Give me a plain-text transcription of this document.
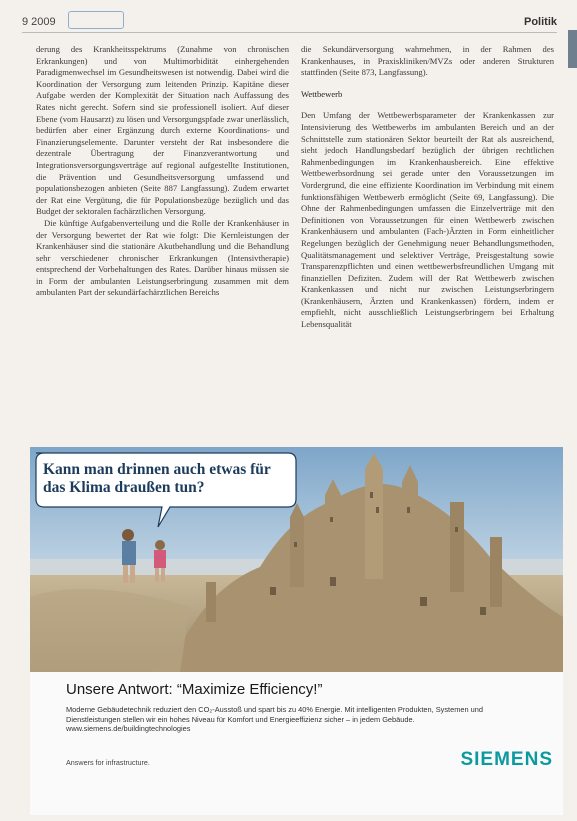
9 2009	Politik

derung des Krankheitsspektrums (Zunahme von chronischen Erkrankungen) und von Multimorbidität einhergehenden Paradigmenwechsel im Gesundheitswesen ist notwendig. Dabei wird die Koordination der Versorgung zum leitenden Prinzip. Kapitäne dieser Aufgabe werden der Komplexität der Situation nach Auffassung des Rates nicht gerecht. Sofern sind sie professionell isoliert. Auf dieser Ebene (vom Hausarzt) zu lösen und Versorgungspfade zwar unerlässlich, bedürfen aber einer Ergänzung durch externe Koordinations- und Finanzierungselemente. Darunter versteht der Rat insbesondere die dezentrale Übertragung der Finanzverantwortung und Integrationsversorgungsverträge auf regional aufgestellte Institutionen, die Prävention und Gesundheitsversorgung umfassend und populationsbezogen anbieten (Seite 887 Langfassung). Zudem erwartet der Rat eine Vergütung, die für Populationsbezüge bezüglich und das Budget der sektoralen fachärztlichen Versorgung.

Die künftige Aufgabenverteilung und die Rolle der Krankenhäuser in der Versorgung bewertet der Rat wie folgt: Die Kernleistungen der Krankenhäuser sind die stationäre Akutbehandlung und die Behandlung sehr verschiedener chronischer Erkrankungen (Intensivtherapie) entsprechend der Vorbehaltungen des Rates. Darüber hinaus müssen sie in Form der ambulanten Leistungserbringung zusammen mit dem ambulanten Part der sekundärfachärztlichen Bereichs

die Sekundärversorgung wahrnehmen, in der Rahmen des Krankenhauses, in Praxiskliniken/MVZs oder anderen Strukturen stattfinden (Seite 873, Langfassung).

Wettbewerb

Den Umfang der Wettbewerbsparameter der Krankenkassen zur Intensivierung des Wettbewerbs im ambulanten Bereich und an der Schnittstelle zum stationären Sektor beurteilt der Rat als ausreichend, sieht jedoch Handlungsbedarf bezüglich der übrigen rechtlichen Rahmenbedingungen im Krankenhausbereich. Eine effektive Wettbewerbsordnung sei gerade unter den Voraussetzungen im Vordergrund, die eine effiziente Koordination im Verbindung mit einem funktionsfähigen Wettbewerb ermöglicht (Seite 69, Langfassung). Die Ohne der Rahmenbedingungen umfassen die Einzelverträge mit den Definitionen von Voraussetzungen für einen Wettbewerb zwischen Krankenhäusern und ambulanten (Fach-)Ärzten in Form einheitlicher Regelungen bezüglich der Genehmigung neuer Behandlungsmethoden, Qualitätsmanagement und selektiver Verträge, Preisgestaltung sowie Transparenzpflichten und einen wettbewerbsfreundlichen Umgang mit finanziellen Defiziten. Zudem will der Rat Wettbewerb zwischen Krankenkassen und nicht nur zwischen Leistungserbringern (Krankenhäusern, Ärzten und Krankenkassen) fördern, indem er empfiehlt, nicht ausschließlich Leistungserbringern bei Erhaltung Lebensqualität

Kann man drinnen auch etwas für das Klima draußen tun?
Unsere Antwort: “Maximize Efficiency!”
Moderne Gebäudetechnik reduziert den CO₂-Ausstoß und spart bis zu 40% Energie. Mit intelligenten Produkten, Systemen und Dienstleistungen stellen wir ein hohes Niveau für Komfort und Energieeffizienz sicher – in jedem Gebäude. www.siemens.de/buildingtechnologies
Answers for infrastructure.	SIEMENS
